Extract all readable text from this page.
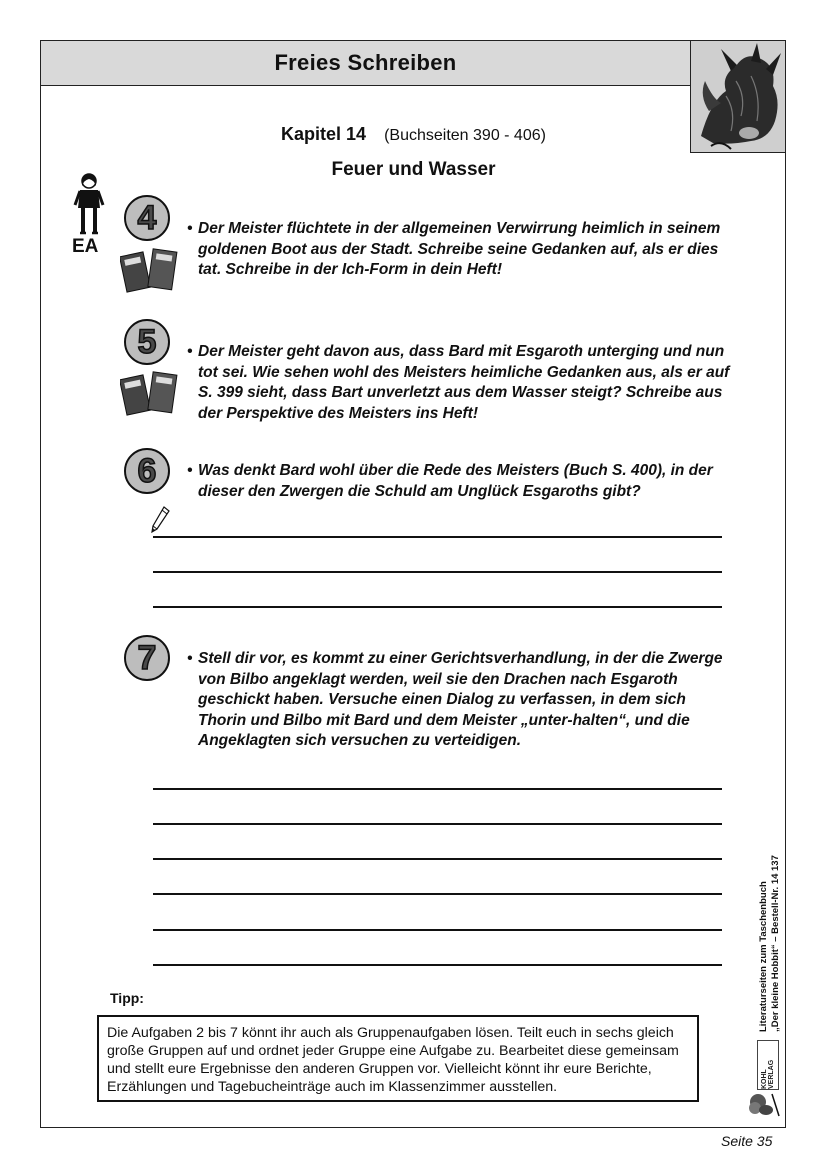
Freies Schreiben
Kapitel 14 (Buchseiten 390 - 406)
Feuer und Wasser
EA
4	• Der Meister flüchtete in der allgemeinen Verwirrung heimlich in seinem goldenen Boot aus der Stadt. Schreibe seine Gedanken auf, als er dies tat. Schreibe in der Ich-Form in dein Heft!
5	• Der Meister geht davon aus, dass Bard mit Esgaroth unterging und nun tot sei. Wie sehen wohl des Meisters heimliche Gedanken aus, als er auf S. 399 sieht, dass Bart unverletzt aus dem Wasser steigt? Schreibe aus der Perspektive des Meisters ins Heft!
6	• Was denkt Bard wohl über die Rede des Meisters (Buch S. 400), in der dieser den Zwergen die Schuld am Unglück Esgaroths gibt?
7	• Stell dir vor, es kommt zu einer Gerichtsverhandlung, in der die Zwerge von Bilbo angeklagt werden, weil sie den Drachen nach Esgaroth geschickt haben. Versuche einen Dialog zu verfassen, in dem sich Thorin und Bilbo mit Bard und dem Meister „unter-halten“, und die Angeklagten sich versuchen zu verteidigen.
Tipp:
Die Aufgaben 2 bis 7 könnt ihr auch als Gruppenaufgaben lösen. Teilt euch in sechs gleich große Gruppen auf und ordnet jeder Gruppe eine Aufgabe zu. Bearbeitet diese gemeinsam und stellt eure Ergebnisse den anderen Gruppen vor. Vielleicht könnt ihr eure Berichte, Erzählungen und Tagebucheinträge auch im Klassenzimmer ausstellen.
Literaturseiten zum Taschenbuch „Der kleine Hobbit“ – Bestell-Nr. 14 137
KOHL VERLAG
Seite 35
